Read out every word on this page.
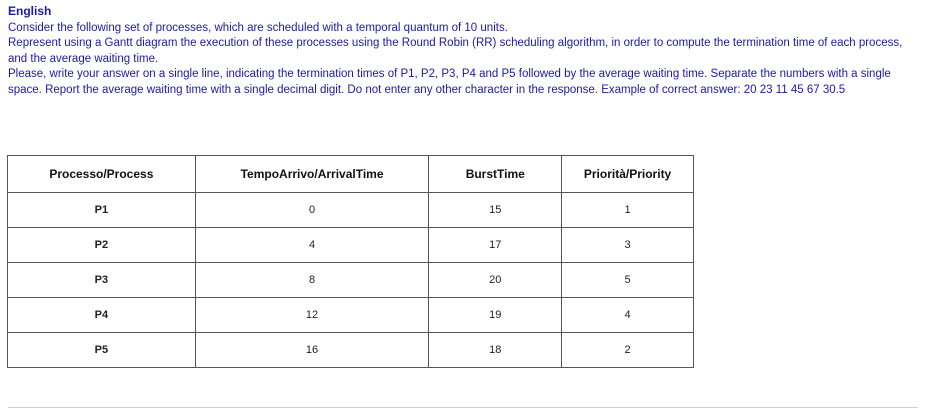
English

Consider the following set of processes, which are scheduled with a temporal quantum of 10 units.

Represent using a Gantt diagram the execution of these processes using the Round Robin (RR) scheduling algorithm, in order to compute the termination time of each process, and the average waiting time.

Please, write your answer on a single line, indicating the termination times of P1, P2, P3, P4 and P5 followed by the average waiting time. Separate the numbers with a single space. Report the average waiting time with a single decimal digit. Do not enter any other character in the response. Example of correct answer: 20 23 11 45 67 30.5

Processo/Process	TempoArrivo/ArrivalTime	BurstTime	Priorità/Priority
P1	0	15	1
P2	4	17	3
P3	8	20	5
P4	12	19	4
P5	16	18	2
